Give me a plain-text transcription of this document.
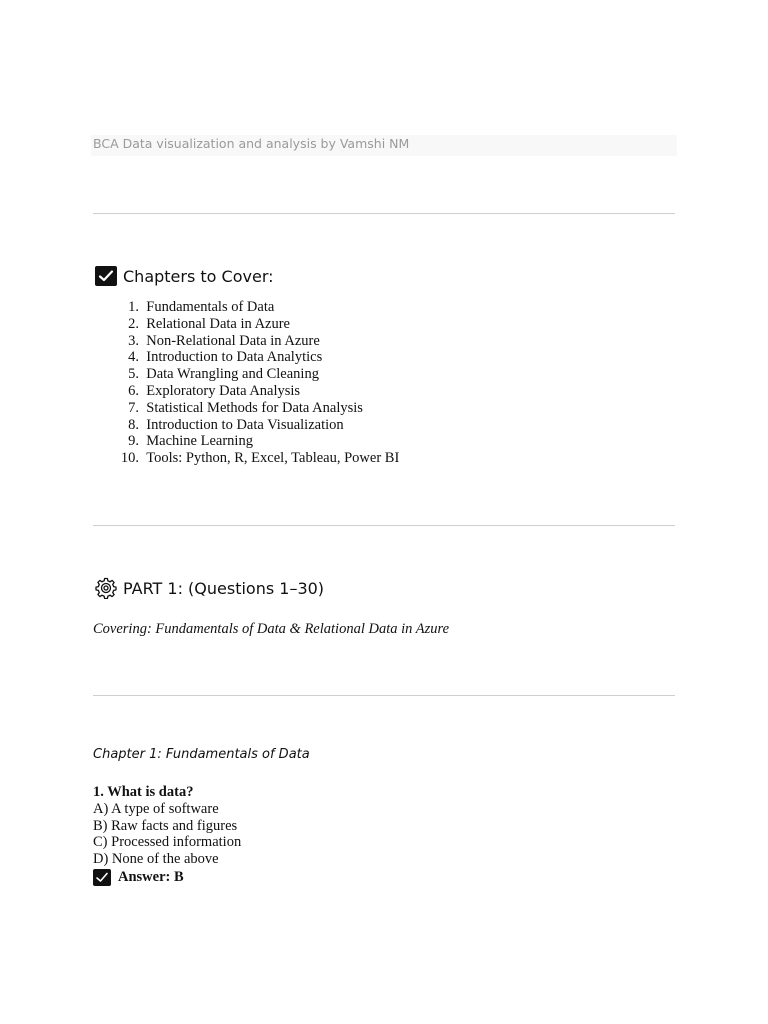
BCA Data visualization and analysis by Vamshi NM
Chapters to Cover:
1.
Fundamentals of Data
2.
Relational Data in Azure
3.
Non-Relational Data in Azure
4.
Introduction to Data Analytics
5.
Data Wrangling and Cleaning
6.
Exploratory Data Analysis
7.
Statistical Methods for Data Analysis
8.
Introduction to Data Visualization
9.
Machine Learning
10.
Tools: Python, R, Excel, Tableau, Power BI
PART 1: (Questions 1–30)
Covering: Fundamentals of Data & Relational Data in Azure
Chapter 1: Fundamentals of Data
1. What is data?
A) A type of software
B) Raw facts and figures
C) Processed information
D) None of the above
Answer: B
